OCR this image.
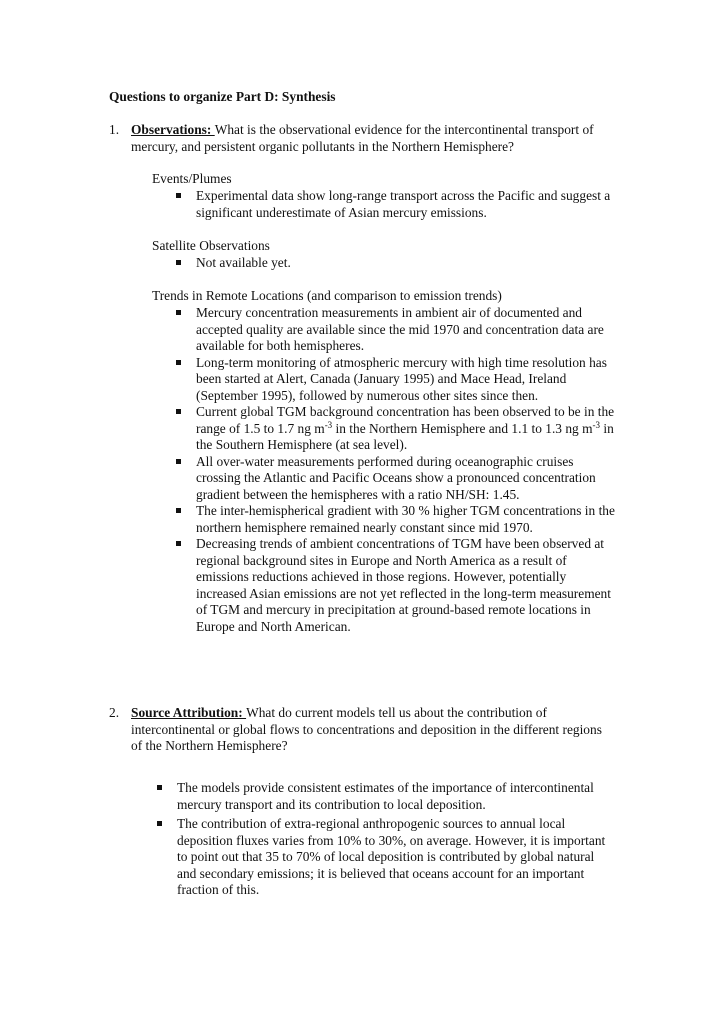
Questions to organize Part D: Synthesis
1. Observations: What is the observational evidence for the intercontinental transport of mercury, and persistent organic pollutants in the Northern Hemisphere?
Events/Plumes
Experimental data show long-range transport across the Pacific and suggest a significant underestimate of Asian mercury emissions.
Satellite Observations
Not available yet.
Trends in Remote Locations (and comparison to emission trends)
Mercury concentration measurements in ambient air of documented and accepted quality are available since the mid 1970 and concentration data are available for both hemispheres.
Long-term monitoring of atmospheric mercury with high time resolution has been started at Alert, Canada (January 1995) and Mace Head, Ireland (September 1995), followed by numerous other sites since then.
Current global TGM background concentration has been observed to be in the range of 1.5 to 1.7 ng $m^{-3}$ in the Northern Hemisphere and 1.1 to 1.3 ng $m^{-3}$ in the Southern Hemisphere (at sea level).
All over-water measurements performed during oceanographic cruises crossing the Atlantic and Pacific Oceans show a pronounced concentration gradient between the hemispheres with a ratio NH/SH: 1.45.
The inter-hemispherical gradient with 30 % higher TGM concentrations in the northern hemisphere remained nearly constant since mid 1970.
Decreasing trends of ambient concentrations of TGM have been observed at regional background sites in Europe and North America as a result of emissions reductions achieved in those regions. However, potentially increased Asian emissions are not yet reflected in the long-term measurement of TGM and mercury in precipitation at ground-based remote locations in Europe and North American.
2. Source Attribution: What do current models tell us about the contribution of intercontinental or global flows to concentrations and deposition in the different regions of the Northern Hemisphere?
The models provide consistent estimates of the importance of intercontinental mercury transport and its contribution to local deposition.
The contribution of extra-regional anthropogenic sources to annual local deposition fluxes varies from 10% to 30%, on average. However, it is important to point out that 35 to 70% of local deposition is contributed by global natural and secondary emissions; it is believed that oceans account for an important fraction of this.
